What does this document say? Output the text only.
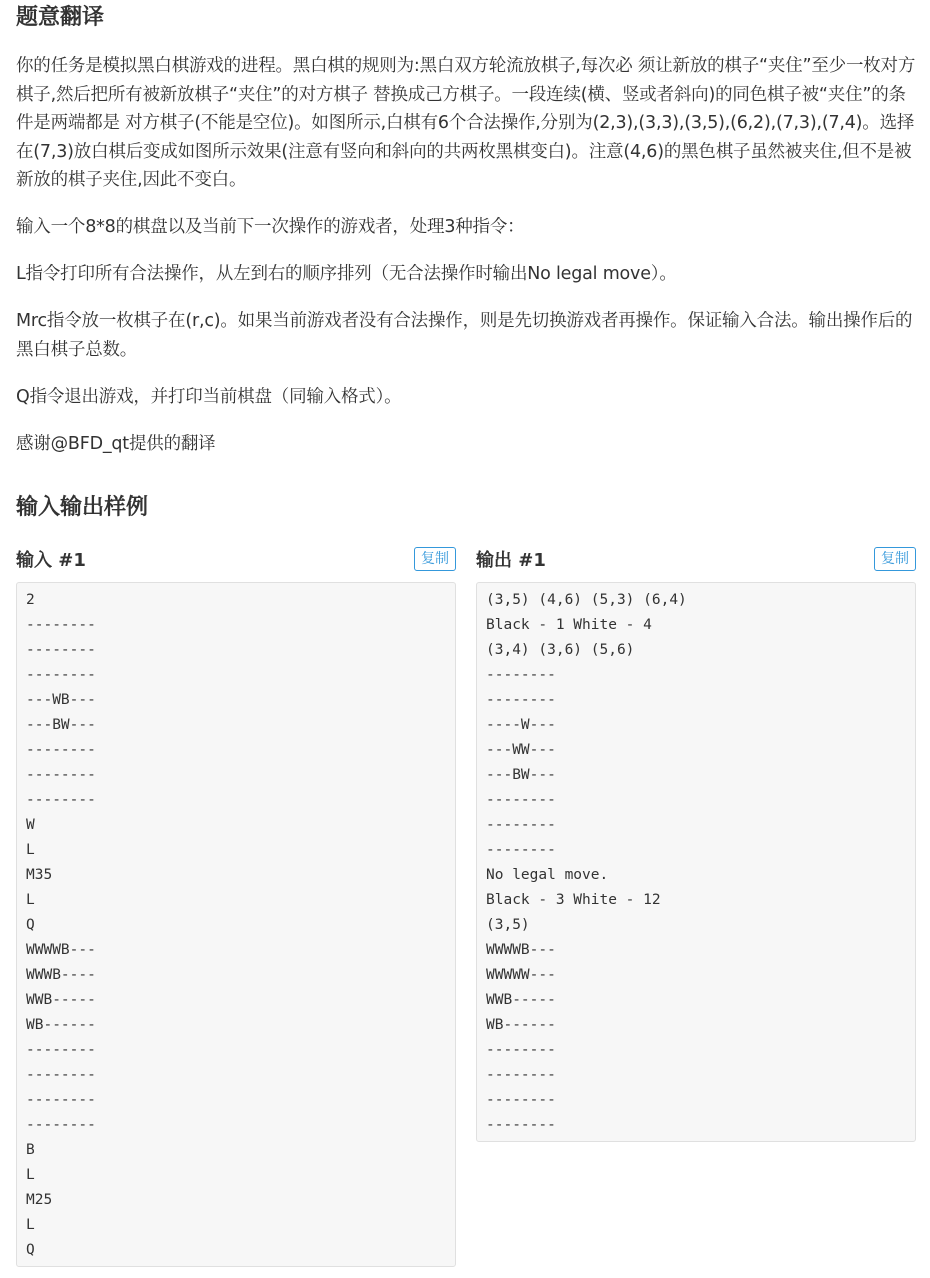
题意翻译

你的任务是模拟黑白棋游戏的进程。黑白棋的规则为:黑白双方轮流放棋子,每次必 须让新放的棋子“夹住”至少一枚对方棋子,然后把所有被新放棋子“夹住”的对方棋子 替换成己方棋子。一段连续(横、竖或者斜向)的同色棋子被“夹住”的条件是两端都是 对方棋子(不能是空位)。如图所示,白棋有6个合法操作,分别为(2,3),(3,3),(3,5),(6,2),(7,3),(7,4)。选择在(7,3)放白棋后变成如图所示效果(注意有竖向和斜向的共两枚黑棋变白)。注意(4,6)的黑色棋子虽然被夹住,但不是被新放的棋子夹住,因此不变白。

输入一个8*8的棋盘以及当前下一次操作的游戏者，处理3种指令：

L指令打印所有合法操作，从左到右的顺序排列（无合法操作时输出No legal move）。

Mrc指令放一枚棋子在(r,c)。如果当前游戏者没有合法操作，则是先切换游戏者再操作。保证输入合法。输出操作后的黑白棋子总数。

Q指令退出游戏，并打印当前棋盘（同输入格式）。

感谢@BFD_qt提供的翻译

输入输出样例
输入 #1	复制
2
--------
--------
--------
---WB---
---BW---
--------
--------
--------
W
L
M35
L
Q
WWWWB---
WWWB----
WWB-----
WB------
--------
--------
--------
--------
B
L
M25
L
Q
输出 #1	复制
(3,5) (4,6) (5,3) (6,4)
Black - 1 White - 4
(3,4) (3,6) (5,6)
--------
--------
----W---
---WW---
---BW---
--------
--------
--------
No legal move.
Black - 3 White - 12
(3,5)
WWWWB---
WWWWW---
WWB-----
WB------
--------
--------
--------
--------
